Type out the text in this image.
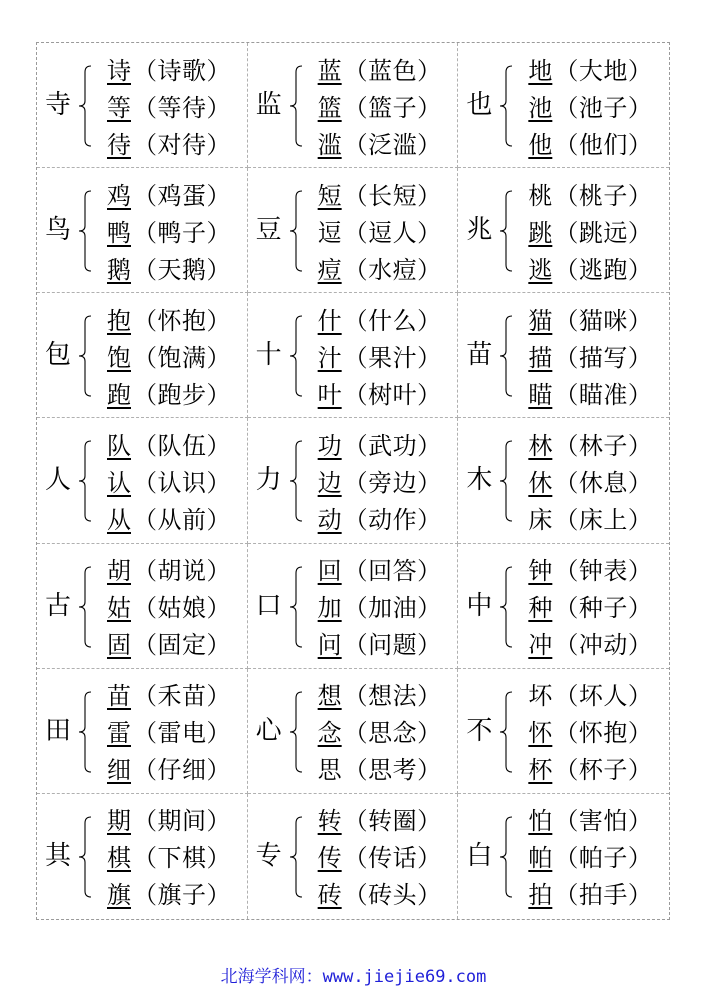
寺
诗 （诗歌）
等 （等待）
待 （对待）
监
蓝 （蓝色）
篮 （篮子）
滥 （泛滥）
也
地 （大地）
池 （池子）
他 （他们）
鸟
鸡 （鸡蛋）
鸭 （鸭子）
鹅 （天鹅）
豆
短 （长短）
逗 （逗人）
痘 （水痘）
兆
桃 （桃子）
跳 （跳远）
逃 （逃跑）
包
抱 （怀抱）
饱 （饱满）
跑 （跑步）
十
什 （什么）
汁 （果汁）
叶 （树叶）
苗
猫 （猫咪）
描 （描写）
瞄 （瞄准）
人
队 （队伍）
认 （认识）
从 （从前）
力
功 （武功）
边 （旁边）
动 （动作）
木
林 （林子）
休 （休息）
床 （床上）
古
胡 （胡说）
姑 （姑娘）
固 （固定）
口
回 （回答）
加 （加油）
问 （问题）
中
钟 （钟表）
种 （种子）
冲 （冲动）
田
苗 （禾苗）
雷 （雷电）
细 （仔细）
心
想 （想法）
念 （思念）
思 （思考）
不
坏 （坏人）
怀 （怀抱）
杯 （杯子）
其
期 （期间）
棋 （下棋）
旗 （旗子）
专
转 （转圈）
传 （传话）
砖 （砖头）
白
怕 （害怕）
帕 （帕子）
拍 （拍手）
北海学科网：www.jiejie69.com
